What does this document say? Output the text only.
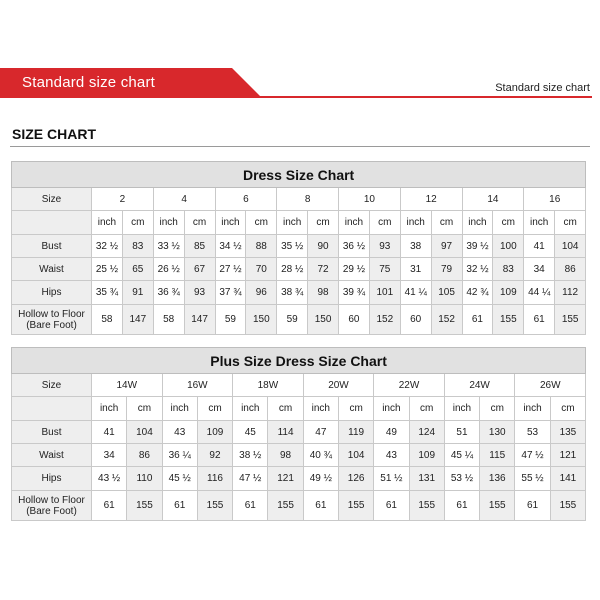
Standard size chart	Standard size chart
SIZE CHART
Dress Size Chart																
Size	2		4		6		8		10		12		14		16	
	inch	cm	inch	cm	inch	cm	inch	cm	inch	cm	inch	cm	inch	cm	inch	cm
Bust	32 ½	83	33 ½	85	34 ½	88	35 ½	90	36 ½	93	38	97	39 ½	100	41	104
Waist	25 ½	65	26 ½	67	27 ½	70	28 ½	72	29 ½	75	31	79	32 ½	83	34	86
Hips	35 ¾	91	36 ¾	93	37 ¾	96	38 ¾	98	39 ¾	101	41 ¼	105	42 ¾	109	44 ¼	112
Hollow to Floor
(Bare Foot)	58	147	58	147	59	150	59	150	60	152	60	152	61	155	61	155
Plus Size Dress Size Chart														
Size	14W		16W		18W		20W		22W		24W		26W	
	inch	cm	inch	cm	inch	cm	inch	cm	inch	cm	inch	cm	inch	cm
Bust	41	104	43	109	45	114	47	119	49	124	51	130	53	135
Waist	34	86	36 ¼	92	38 ½	98	40 ¾	104	43	109	45 ¼	115	47 ½	121
Hips	43 ½	110	45 ½	116	47 ½	121	49 ½	126	51 ½	131	53 ½	136	55 ½	141
Hollow to Floor
(Bare Foot)	61	155	61	155	61	155	61	155	61	155	61	155	61	155
